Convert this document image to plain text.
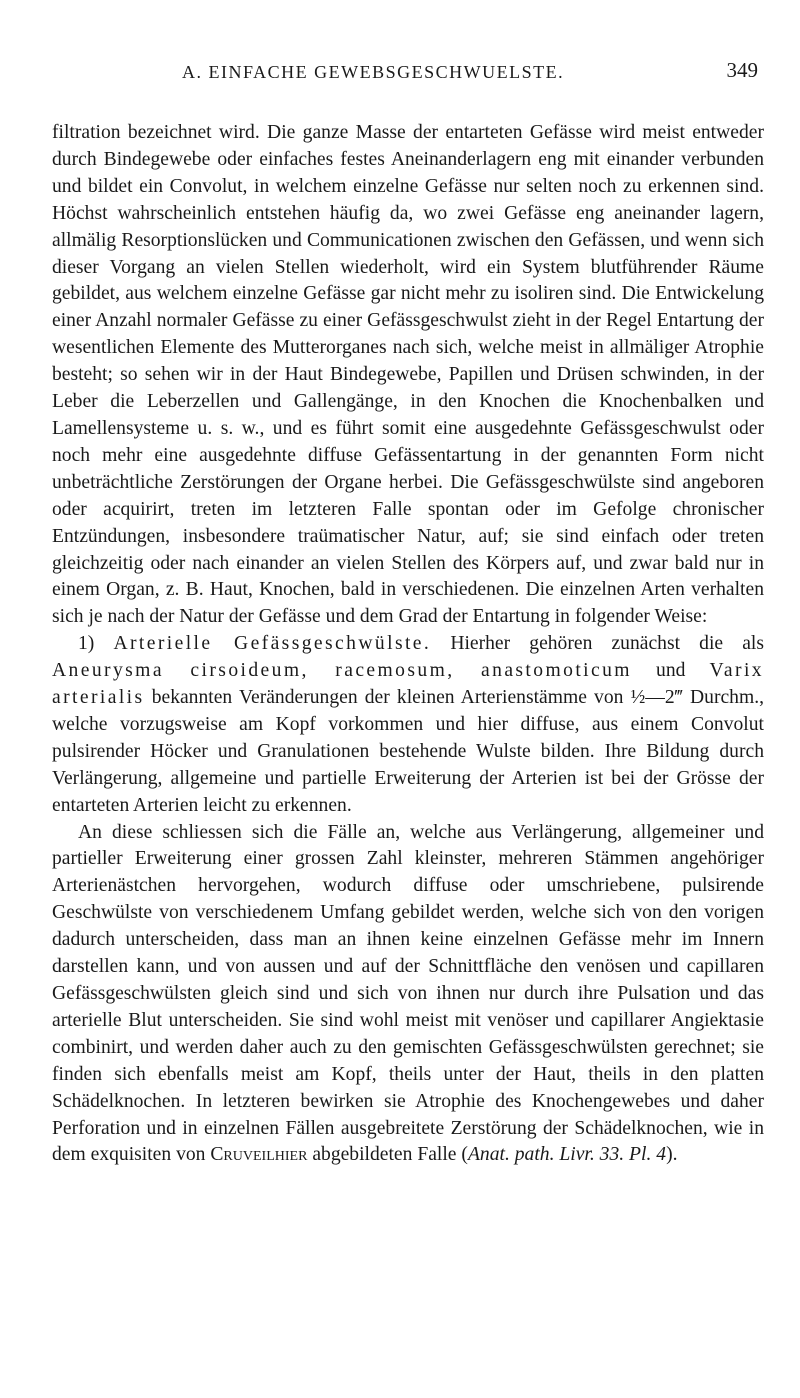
A. EINFACHE GEWEBSGESCHWUELSTE.	349

filtration bezeichnet wird. Die ganze Masse der entarteten Gefässe wird meist entweder durch Bindegewebe oder einfaches festes Aneinanderlagern eng mit einander verbunden und bildet ein Convolut, in welchem einzelne Gefässe nur selten noch zu erkennen sind. Höchst wahrscheinlich entstehen häufig da, wo zwei Gefässe eng aneinander lagern, allmälig Resorptionslücken und Communicationen zwischen den Gefässen, und wenn sich dieser Vorgang an vielen Stellen wiederholt, wird ein System blutführender Räume gebildet, aus welchem einzelne Gefässe gar nicht mehr zu isoliren sind. Die Entwickelung einer Anzahl normaler Gefässe zu einer Gefässgeschwulst zieht in der Regel Entartung der wesentlichen Elemente des Mutterorganes nach sich, welche meist in allmäliger Atrophie besteht; so sehen wir in der Haut Bindegewebe, Papillen und Drüsen schwinden, in der Leber die Leberzellen und Gallengänge, in den Knochen die Knochenbalken und Lamellensysteme u. s. w., und es führt somit eine ausgedehnte Gefässgeschwulst oder noch mehr eine ausgedehnte diffuse Gefässentartung in der genannten Form nicht unbeträchtliche Zerstörungen der Organe herbei. Die Gefässgeschwülste sind angeboren oder acquirirt, treten im letzteren Falle spontan oder im Gefolge chronischer Entzündungen, insbesondere traümatischer Natur, auf; sie sind einfach oder treten gleichzeitig oder nach einander an vielen Stellen des Körpers auf, und zwar bald nur in einem Organ, z. B. Haut, Knochen, bald in verschiedenen. Die einzelnen Arten verhalten sich je nach der Natur der Gefässe und dem Grad der Entartung in folgender Weise:

1) Arterielle Gefässgeschwülste. Hierher gehören zunächst die als Aneurysma cirsoideum, racemosum, anastomoticum und Varix arterialis bekannten Veränderungen der kleinen Arterienstämme von ½—2‴ Durchm., welche vorzugsweise am Kopf vorkommen und hier diffuse, aus einem Convolut pulsirender Höcker und Granulationen bestehende Wulste bilden. Ihre Bildung durch Verlängerung, allgemeine und partielle Erweiterung der Arterien ist bei der Grösse der entarteten Arterien leicht zu erkennen.

An diese schliessen sich die Fälle an, welche aus Verlängerung, allgemeiner und partieller Erweiterung einer grossen Zahl kleinster, mehreren Stämmen angehöriger Arterienästchen hervorgehen, wodurch diffuse oder umschriebene, pulsirende Geschwülste von verschiedenem Umfang gebildet werden, welche sich von den vorigen dadurch unterscheiden, dass man an ihnen keine einzelnen Gefässe mehr im Innern darstellen kann, und von aussen und auf der Schnittfläche den venösen und capillaren Gefässgeschwülsten gleich sind und sich von ihnen nur durch ihre Pulsation und das arterielle Blut unterscheiden. Sie sind wohl meist mit venöser und capillarer Angiektasie combinirt, und werden daher auch zu den gemischten Gefässgeschwülsten gerechnet; sie finden sich ebenfalls meist am Kopf, theils unter der Haut, theils in den platten Schädelknochen. In letzteren bewirken sie Atrophie des Knochengewebes und daher Perforation und in einzelnen Fällen ausgebreitete Zerstörung der Schädelknochen, wie in dem exquisiten von Cruveilhier abgebildeten Falle (Anat. path. Livr. 33. Pl. 4).
